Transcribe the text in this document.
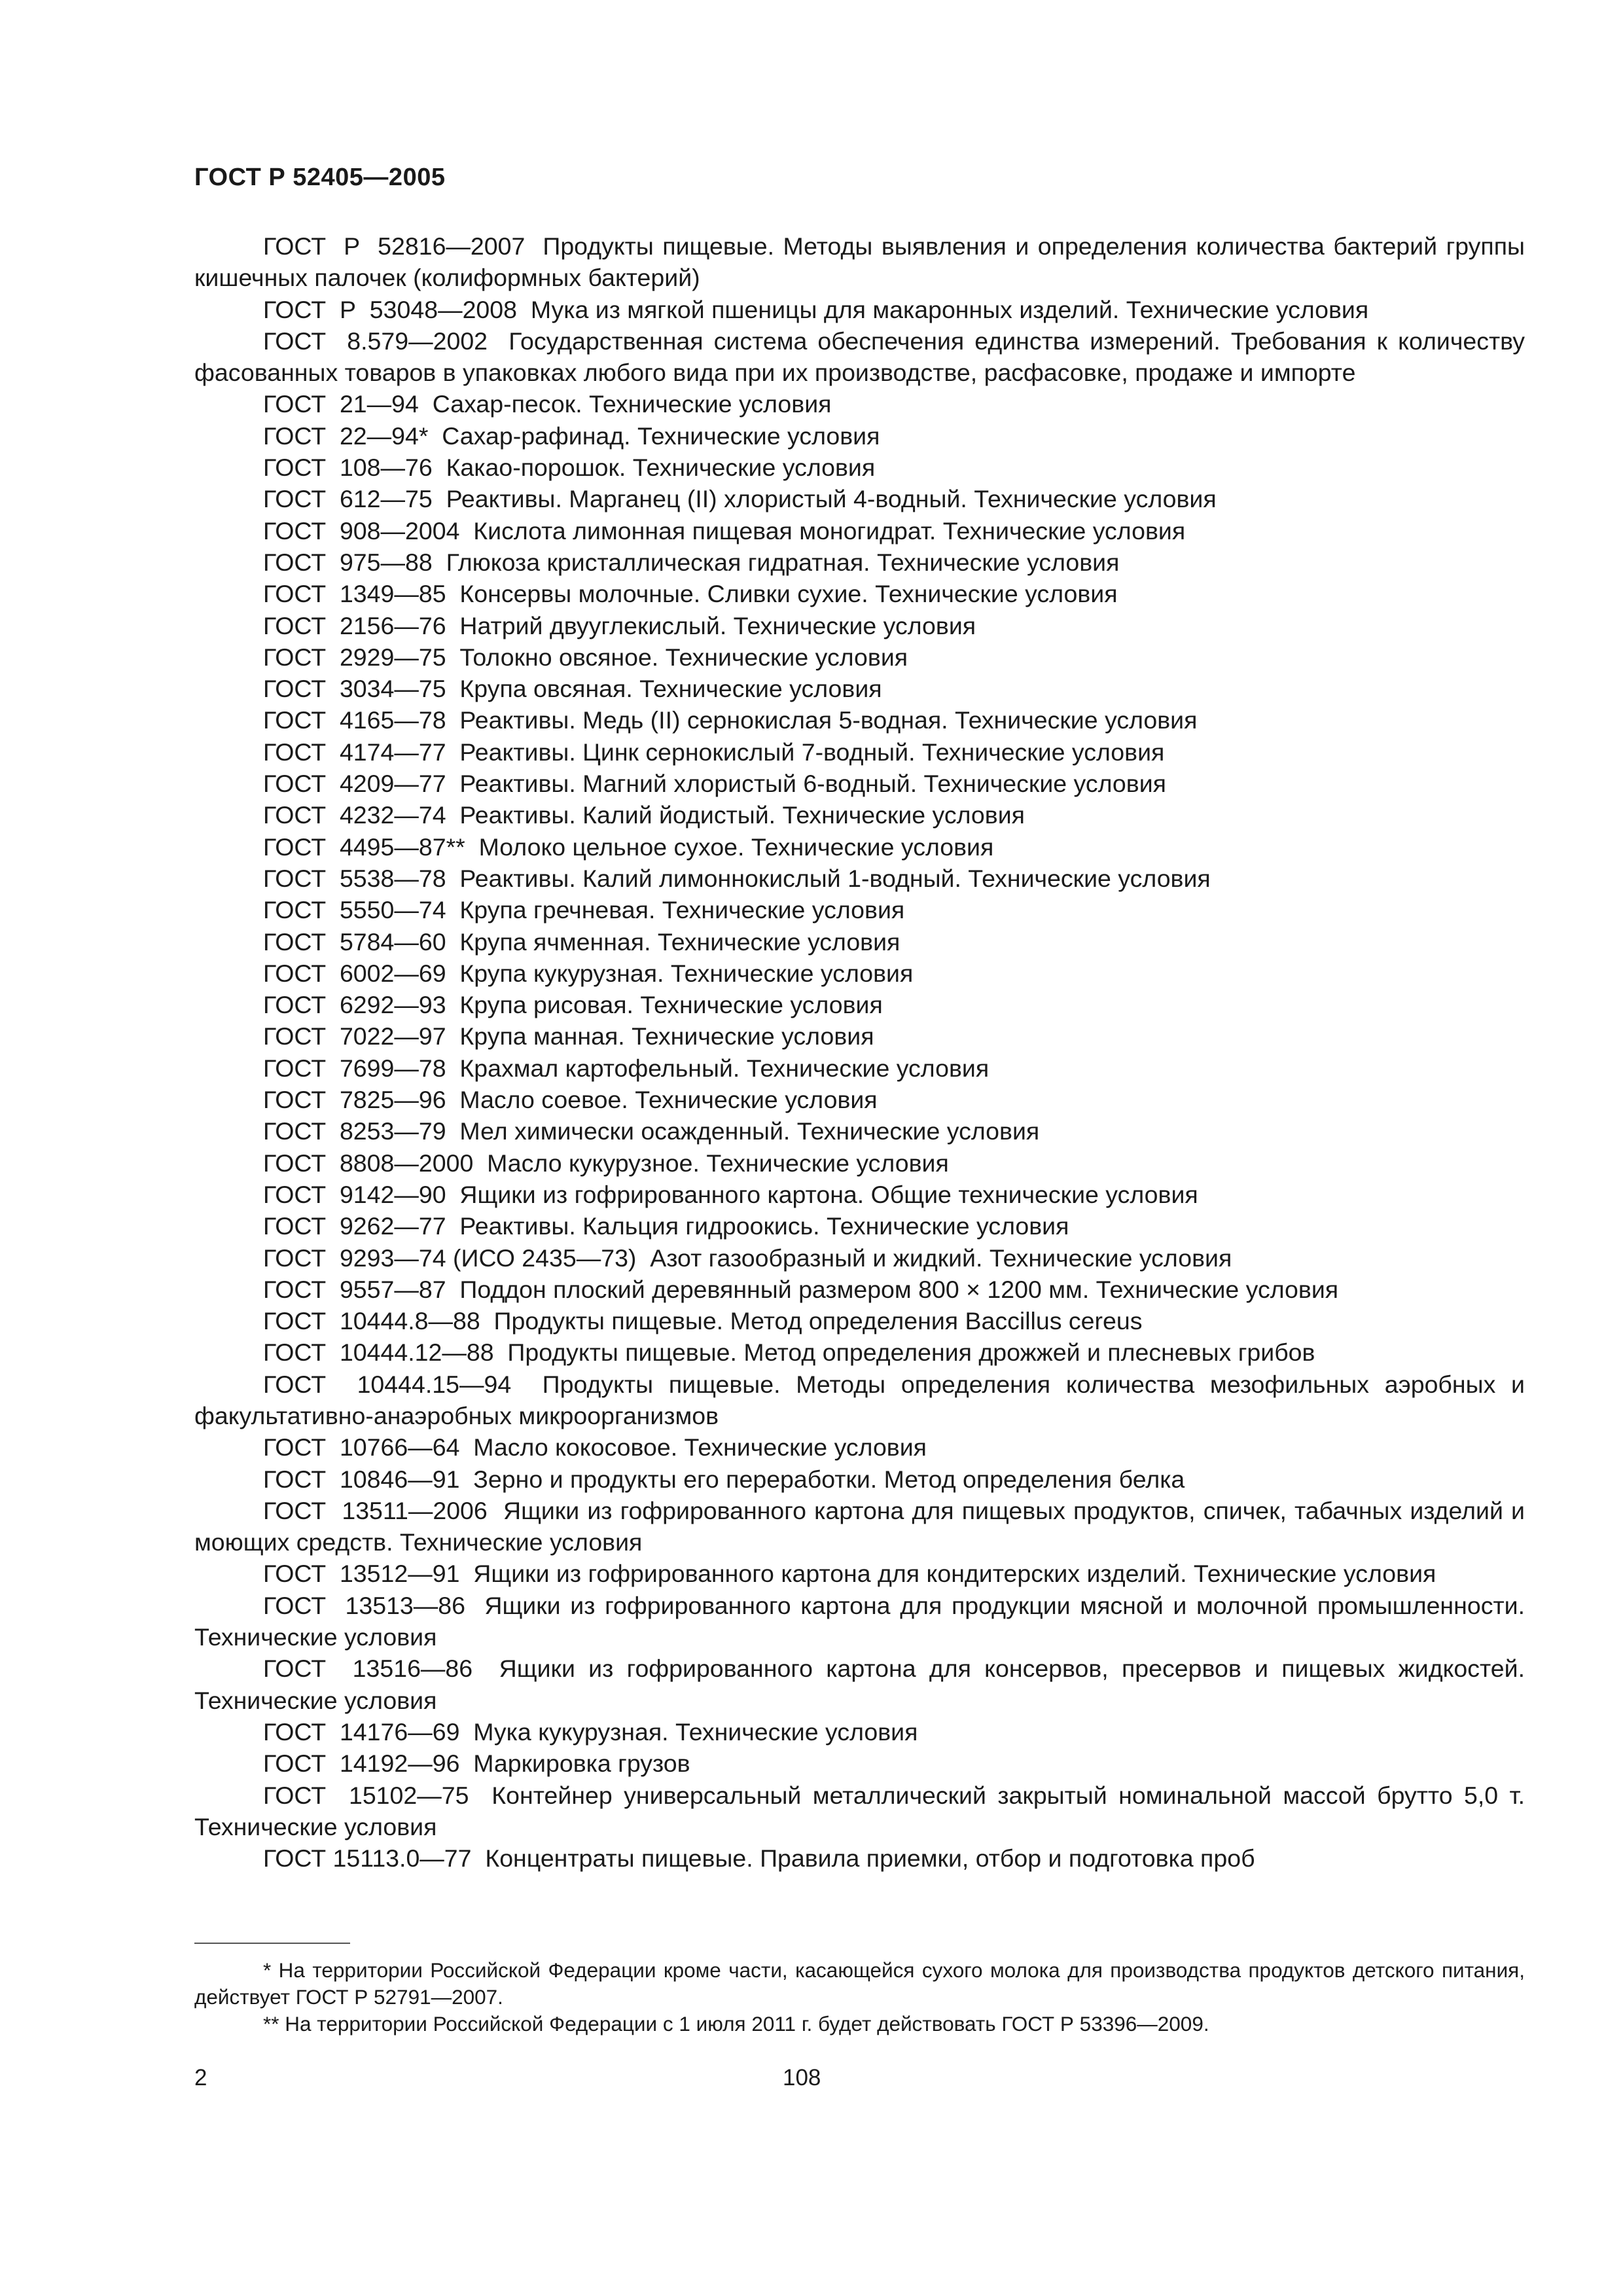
ГОСТ Р 52405—2005

ГОСТ  Р  52816—2007  Продукты пищевые. Методы выявления и определения количества бактерий группы кишечных палочек (колиформных бактерий)

ГОСТ  Р  53048—2008  Мука из мягкой пшеницы для макаронных изделий. Технические условия

ГОСТ  8.579—2002  Государственная система обеспечения единства измерений. Требования к количеству фасованных товаров в упаковках любого вида при их производстве, расфасовке, продаже и импорте

ГОСТ  21—94  Сахар-песок. Технические условия

ГОСТ  22—94*  Сахар-рафинад. Технические условия

ГОСТ  108—76  Какао-порошок. Технические условия

ГОСТ  612—75  Реактивы. Марганец (II) хлористый 4-водный. Технические условия

ГОСТ  908—2004  Кислота лимонная пищевая моногидрат. Технические условия

ГОСТ  975—88  Глюкоза кристаллическая гидратная. Технические условия

ГОСТ  1349—85  Консервы молочные. Сливки сухие. Технические условия

ГОСТ  2156—76  Натрий двууглекислый. Технические условия

ГОСТ  2929—75  Толокно овсяное. Технические условия

ГОСТ  3034—75  Крупа овсяная. Технические условия

ГОСТ  4165—78  Реактивы. Медь (II) сернокислая 5-водная. Технические условия

ГОСТ  4174—77  Реактивы. Цинк сернокислый 7-водный. Технические условия

ГОСТ  4209—77  Реактивы. Магний хлористый 6-водный. Технические условия

ГОСТ  4232—74  Реактивы. Калий йодистый. Технические условия

ГОСТ  4495—87**  Молоко цельное сухое. Технические условия

ГОСТ  5538—78  Реактивы. Калий лимоннокислый 1-водный. Технические условия

ГОСТ  5550—74  Крупа гречневая. Технические условия

ГОСТ  5784—60  Крупа ячменная. Технические условия

ГОСТ  6002—69  Крупа кукурузная. Технические условия

ГОСТ  6292—93  Крупа рисовая. Технические условия

ГОСТ  7022—97  Крупа манная. Технические условия

ГОСТ  7699—78  Крахмал картофельный. Технические условия

ГОСТ  7825—96  Масло соевое. Технические условия

ГОСТ  8253—79  Мел химически осажденный. Технические условия

ГОСТ  8808—2000  Масло кукурузное. Технические условия

ГОСТ  9142—90  Ящики из гофрированного картона. Общие технические условия

ГОСТ  9262—77  Реактивы. Кальция гидроокись. Технические условия

ГОСТ  9293—74 (ИСО 2435—73)  Азот газообразный и жидкий. Технические условия

ГОСТ  9557—87  Поддон плоский деревянный размером 800 × 1200 мм. Технические условия

ГОСТ  10444.8—88  Продукты пищевые. Метод определения Baccillus cereus

ГОСТ  10444.12—88  Продукты пищевые. Метод определения дрожжей и плесневых грибов

ГОСТ  10444.15—94  Продукты пищевые. Методы определения количества мезофильных аэробных и факультативно-анаэробных микроорганизмов

ГОСТ  10766—64  Масло кокосовое. Технические условия

ГОСТ  10846—91  Зерно и продукты его переработки. Метод определения белка

ГОСТ  13511—2006  Ящики из гофрированного картона для пищевых продуктов, спичек, табачных изделий и моющих средств. Технические условия

ГОСТ  13512—91  Ящики из гофрированного картона для кондитерских изделий. Технические условия

ГОСТ  13513—86  Ящики из гофрированного картона для продукции мясной и молочной промышленности. Технические условия

ГОСТ  13516—86  Ящики из гофрированного картона для консервов, пресервов и пищевых жидкостей. Технические условия

ГОСТ  14176—69  Мука кукурузная. Технические условия

ГОСТ  14192—96  Маркировка грузов

ГОСТ  15102—75  Контейнер универсальный металлический закрытый номинальной массой брутто 5,0 т. Технические условия

ГОСТ 15113.0—77  Концентраты пищевые. Правила приемки, отбор и подготовка проб

* На территории Российской Федерации кроме части, касающейся сухого молока для производства продуктов детского питания, действует ГОСТ Р 52791—2007.

** На территории Российской Федерации с 1 июля 2011 г. будет действовать ГОСТ Р 53396—2009.

2	108
